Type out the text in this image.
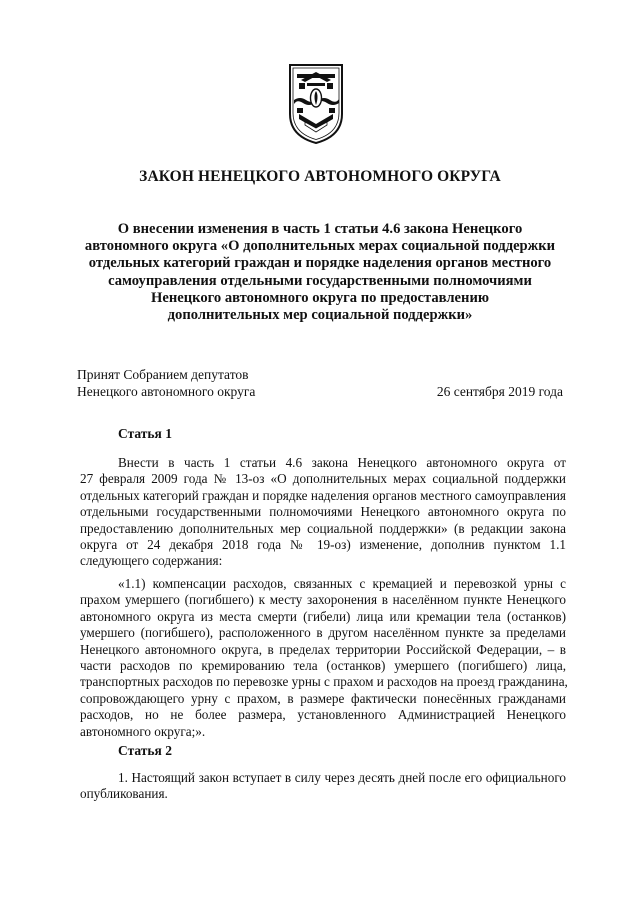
ЗАКОН НЕНЕЦКОГО АВТОНОМНОГО ОКРУГА
О внесении изменения в часть 1 статьи 4.6 закона Ненецкого
автономного округа «О дополнительных мерах социальной поддержки
отдельных категорий граждан и порядке наделения органов местного
самоуправления отдельными государственными полномочиями
Ненецкого автономного округа по предоставлению
дополнительных мер социальной поддержки»
Принят Собранием депутатов
Ненецкого автономного округа	26 сентября 2019 года
Статья 1
Внести в часть 1 статьи 4.6 закона Ненецкого автономного округа от
27 февраля 2009 года № 13-оз «О дополнительных мерах социальной поддержки
отдельных категорий граждан и порядке наделения органов местного самоуправления
отдельными государственными полномочиями Ненецкого автономного округа по
предоставлению дополнительных мер социальной поддержки» (в редакции закона
округа от 24 декабря 2018 года № 19-оз) изменение, дополнив пунктом 1.1
следующего содержания:
«1.1) компенсации расходов, связанных с кремацией и перевозкой урны с
прахом умершего (погибшего) к месту захоронения в населённом пункте Ненецкого
автономного округа из места смерти (гибели) лица или кремации тела (останков)
умершего (погибшего), расположенного в другом населённом пункте за пределами
Ненецкого автономного округа, в пределах территории Российской Федерации, – в
части расходов по кремированию тела (останков) умершего (погибшего) лица,
транспортных расходов по перевозке урны с прахом и расходов на проезд гражданина,
сопровождающего урну с прахом, в размере фактически понесённых гражданами
расходов, но не более размера, установленного Администрацией Ненецкого
автономного округа;».
Статья 2
1. Настоящий закон вступает в силу через десять дней после его официального
опубликования.
